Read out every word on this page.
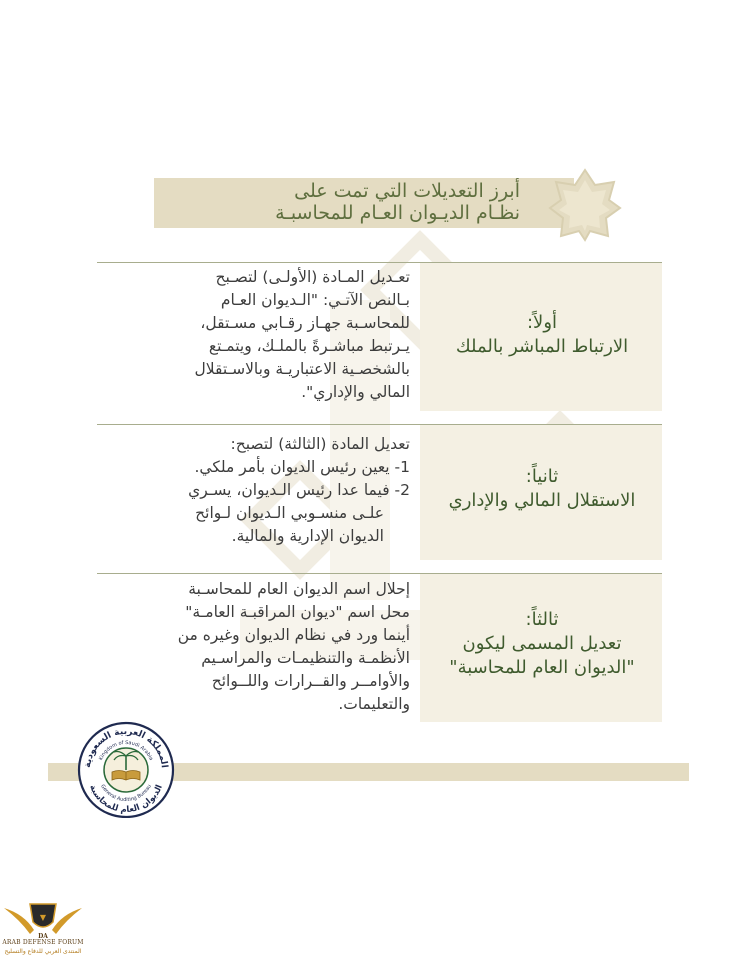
أبرز التعديلات التي تمت على
نظـام الديـوان العـام للمحاسبـة
أولاً:
الارتباط المباشر بالملك
تعـديل المـادة (الأولـى) لتصـبح
بـالنص الآتـي: "الـديوان العـام
للمحاسـبة جهـاز رقـابي مسـتقل،
يـرتبط مباشـرةً بالملـك، ويتمـتع
بالشخصـية الاعتباريـة وبالاسـتقلال
المالي والإداري".
ثانياً:
الاستقلال المالي والإداري
تعديل المادة (الثالثة) لتصبح:
1- يعين رئيس الديوان بأمر ملكي.
2- فيما عدا رئيس الـديوان، يسـري
علـى منسـوبي الـديوان لـوائح
الديوان الإدارية والمالية.
ثالثاً:
تعديل المسمى ليكون
"الديوان العام للمحاسبة"
إحلال اسم الديوان العام للمحاسـبة
محل اسم "ديوان المراقبـة العامـة"
أينما ورد في نظام الديوان وغيره من
الأنظمـة والتنظيمـات والمراسـيم
والأوامــر والقــرارات واللــوائح
والتعليمات.
المملكة العربية السعودية
Kingdom of Saudi Arabia
General Auditing Bureau
الديوان العام للمحاسبة
▼
DA
ARAB DEFENSE FORUM
المنتدى العربي للدفاع والتسليح
